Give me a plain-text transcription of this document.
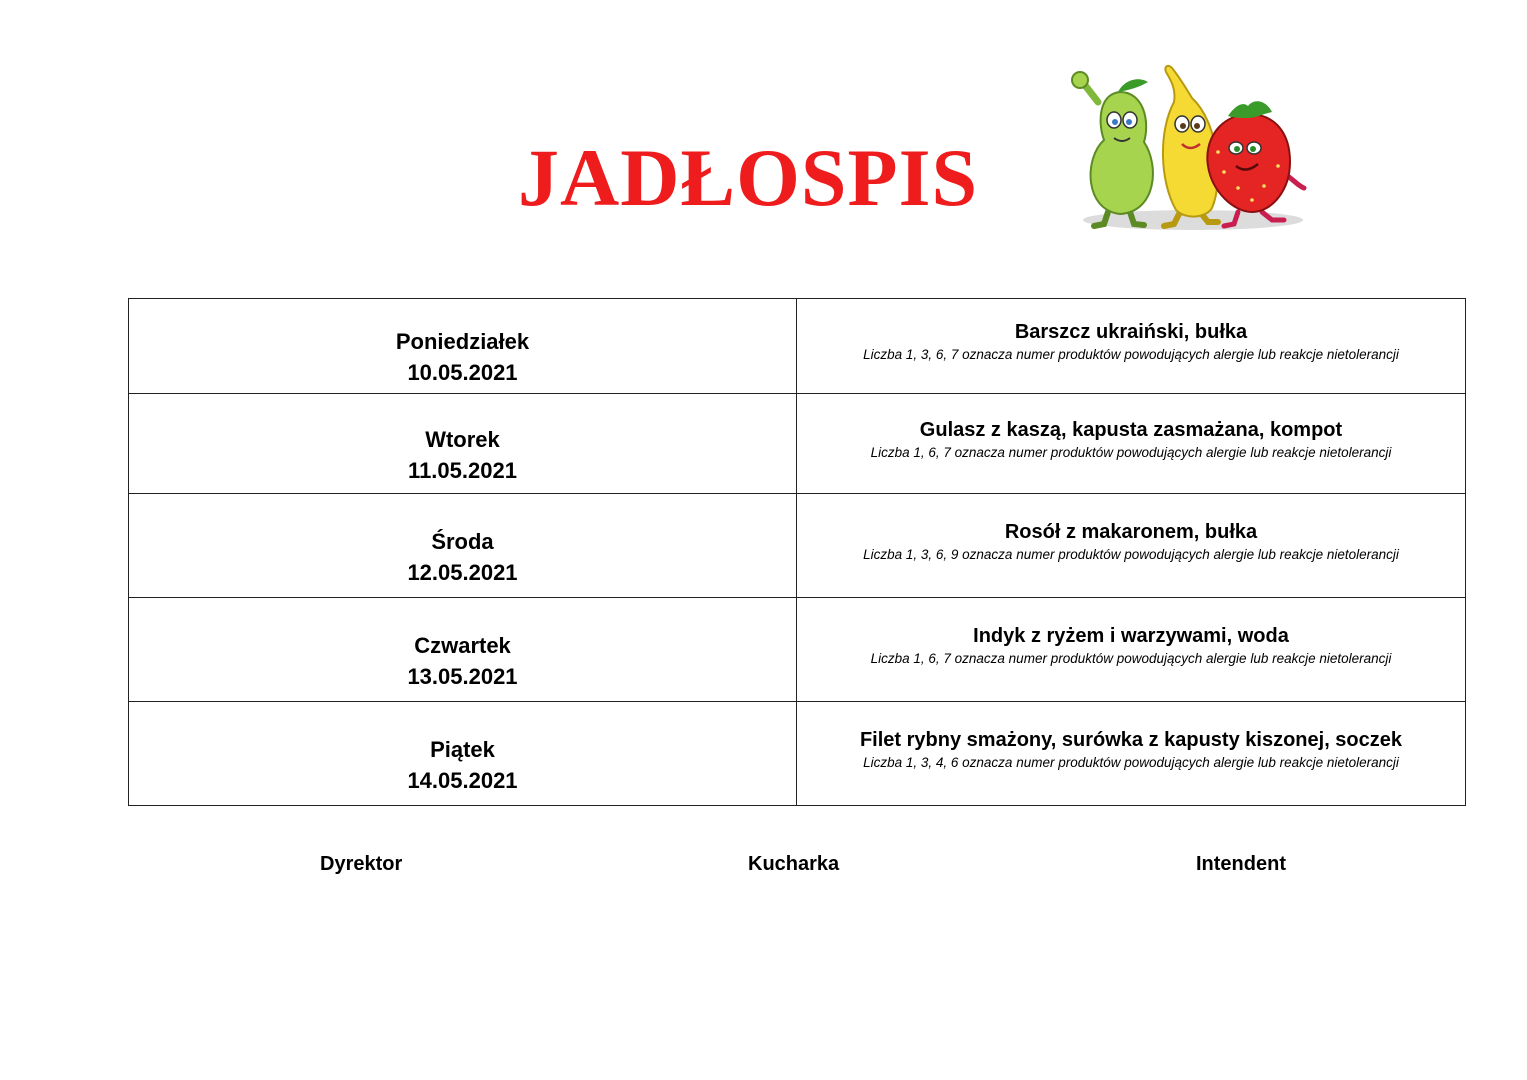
JADŁOSPIS
Poniedziałek
10.05.2021	Barszcz ukraiński, bułka
Liczba 1, 3, 6, 7 oznacza numer produktów powodujących alergie lub reakcje nietolerancji

Wtorek
11.05.2021	Gulasz z kaszą, kapusta zasmażana, kompot
Liczba 1, 6, 7 oznacza numer produktów powodujących alergie lub reakcje nietolerancji

Środa
12.05.2021	Rosół z makaronem, bułka
Liczba 1, 3, 6, 9 oznacza numer produktów powodujących alergie lub reakcje nietolerancji

Czwartek
13.05.2021	Indyk z ryżem i warzywami, woda
Liczba 1, 6, 7 oznacza numer produktów powodujących alergie lub reakcje nietolerancji

Piątek
14.05.2021	Filet rybny smażony, surówka z kapusty kiszonej, soczek
Liczba 1, 3, 4, 6 oznacza numer produktów powodujących alergie lub reakcje nietolerancji
Dyrektor	Kucharka	Intendent
